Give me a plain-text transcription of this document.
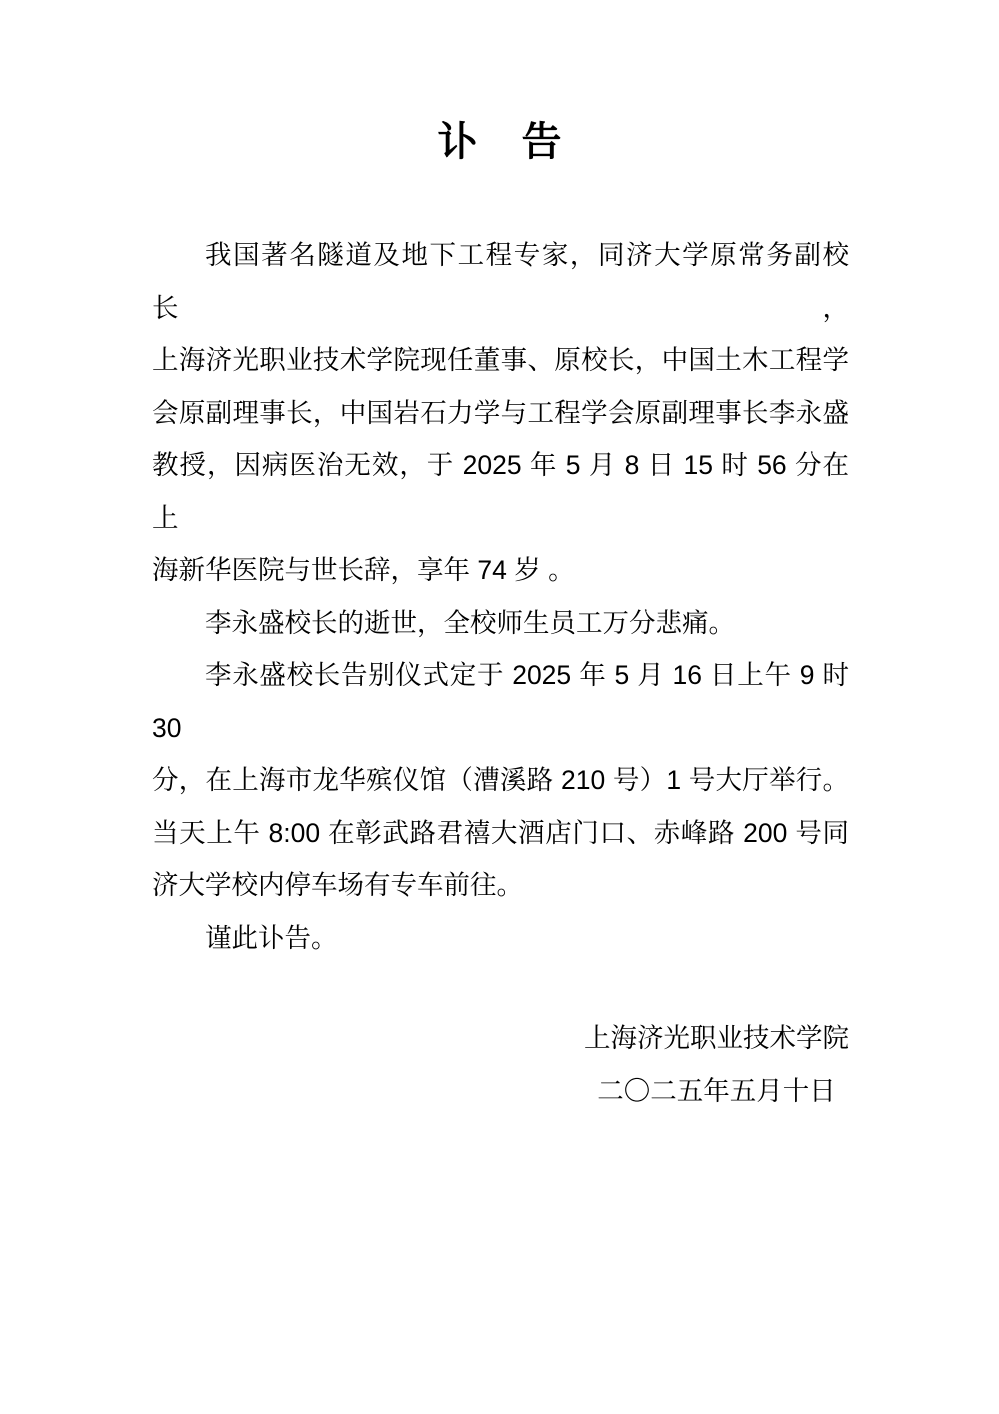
讣　告
我国著名隧道及地下工程专家，同济大学原常务副校长，
上海济光职业技术学院现任董事、原校长，中国土木工程学
会原副理事长，中国岩石力学与工程学会原副理事长李永盛
教授，因病医治无效，于 2025 年 5 月 8 日 15 时 56 分在上
海新华医院与世长辞，享年 74 岁 。
李永盛校长的逝世，全校师生员工万分悲痛。
李永盛校长告别仪式定于 2025 年 5 月 16 日上午 9 时 30
分，在上海市龙华殡仪馆（漕溪路 210 号）1 号大厅举行。
当天上午 8:00 在彰武路君禧大酒店门口、赤峰路 200 号同
济大学校内停车场有专车前往。
谨此讣告。
上海济光职业技术学院
二〇二五年五月十日
